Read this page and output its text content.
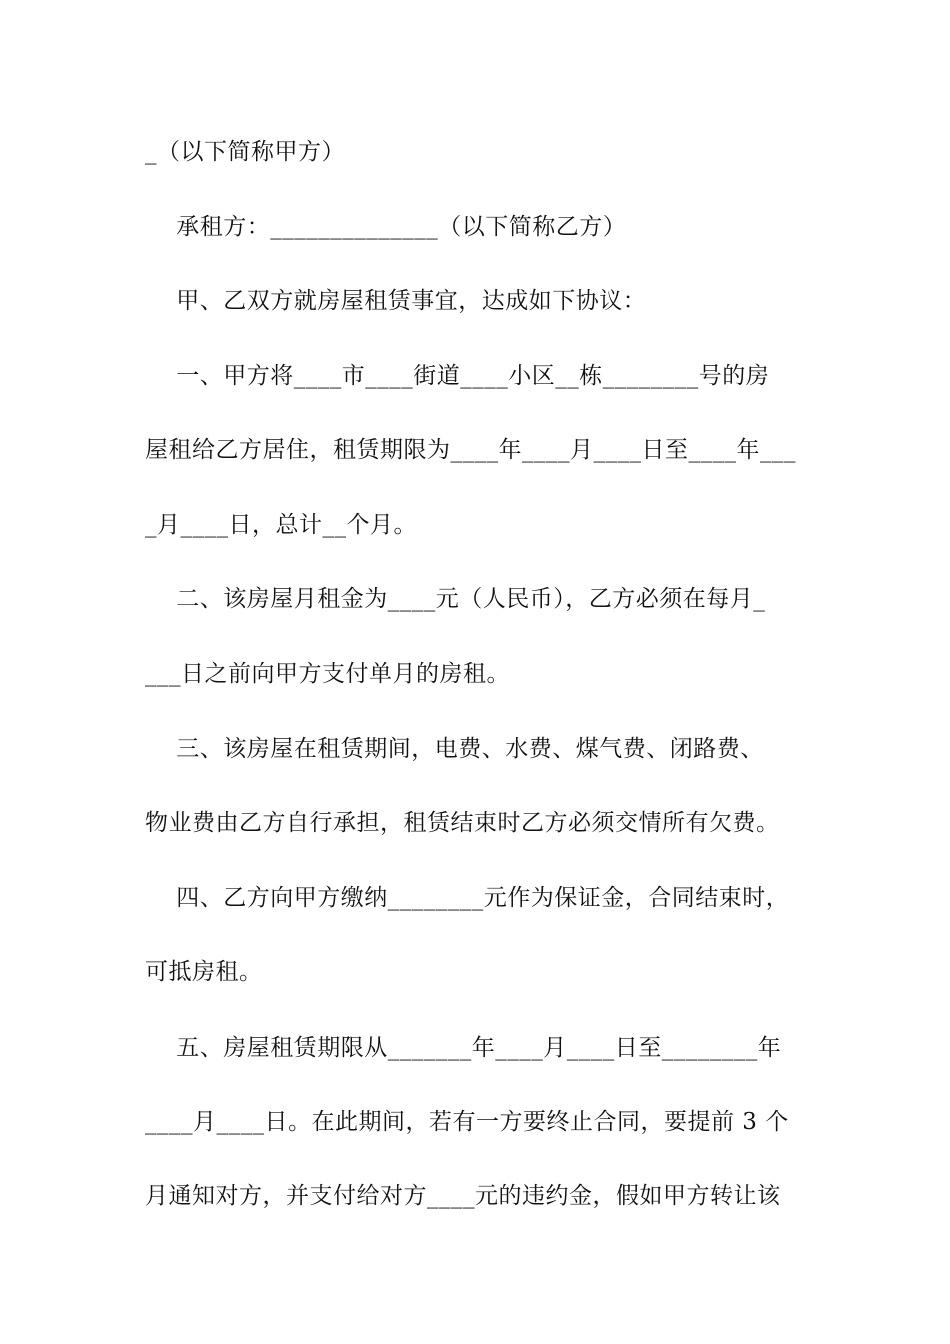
_（以下简称甲方）
承租方：______________（以下简称乙方）
甲、乙双方就房屋租赁事宜，达成如下协议：
一、甲方将____市____街道____小区__栋________号的房
屋租给乙方居住，租赁期限为____年____月____日至____年___
_月____日，总计__个月。
二、该房屋月租金为____元（人民币），乙方必须在每月_
___日之前向甲方支付单月的房租。
三、该房屋在租赁期间，电费、水费、煤气费、闭路费、
物业费由乙方自行承担，租赁结束时乙方必须交情所有欠费。
四、乙方向甲方缴纳________元作为保证金，合同结束时，
可抵房租。
五、房屋租赁期限从_______年____月____日至________年
____月____日。在此期间，若有一方要终止合同，要提前 3 个
月通知对方，并支付给对方____元的违约金，假如甲方转让该
